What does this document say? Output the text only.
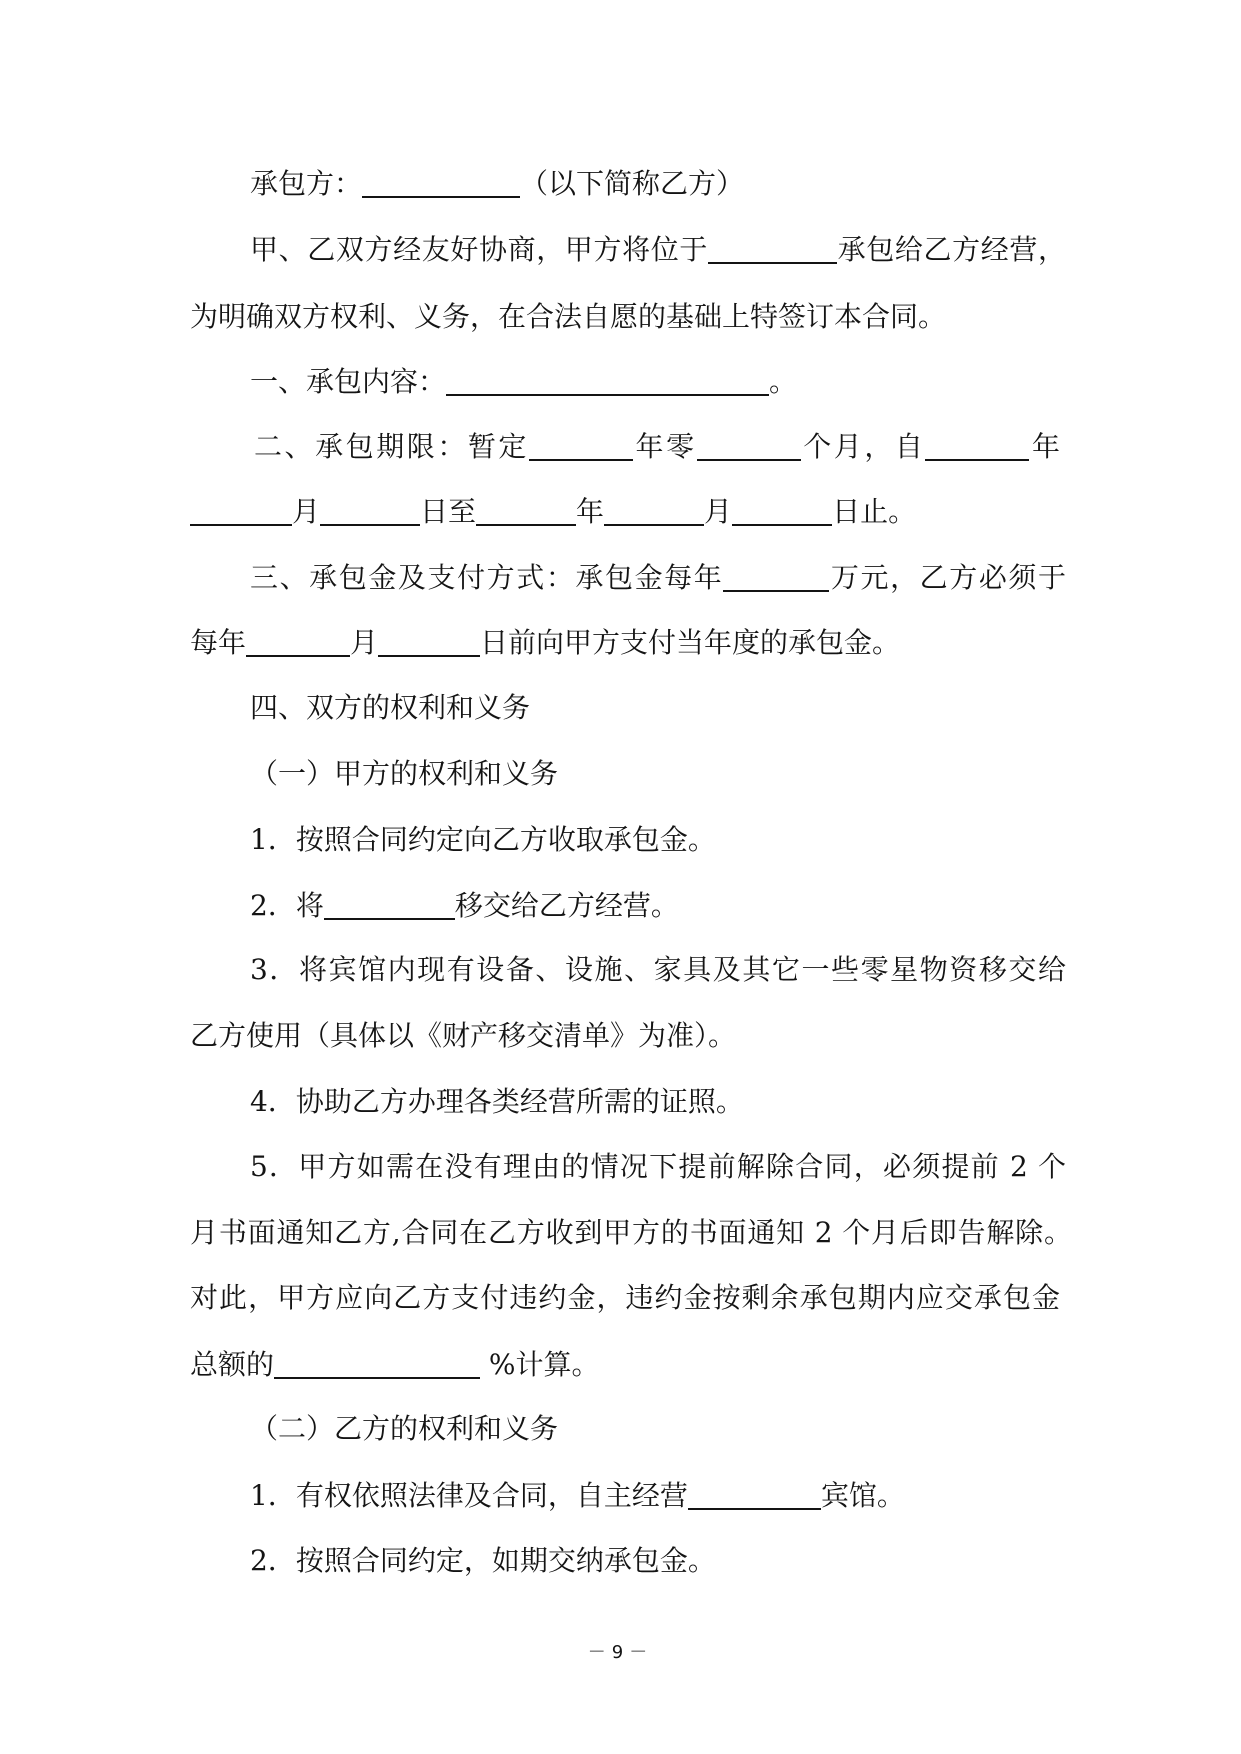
承包方：	（以下简称乙方）
甲、乙双方经友好协商，甲方将位于	承包给乙方经营，
为明确双方权利、义务，在合法自愿的基础上特签订本合同。
一、承包内容：	。
二、承包期限：暂定	年零	个月，自	年
月	日至	年	月	日止。
三、承包金及支付方式：承包金每年	万元，乙方必须于
每年	月	日前向甲方支付当年度的承包金。
四、双方的权利和义务
（一）甲方的权利和义务
1．按照合同约定向乙方收取承包金。
2．将	移交给乙方经营。
3．将宾馆内现有设备、设施、家具及其它一些零星物资移交给
乙方使用（具体以《财产移交清单》为准）。
4．协助乙方办理各类经营所需的证照。
5．甲方如需在没有理由的情况下提前解除合同，必须提前 2 个
月书面通知乙方,合同在乙方收到甲方的书面通知 2 个月后即告解除。
对此，甲方应向乙方支付违约金，违约金按剩余承包期内应交承包金
总额的	%计算。
（二）乙方的权利和义务
1．有权依照法律及合同，自主经营	宾馆。
2．按照合同约定，如期交纳承包金。
－9－
